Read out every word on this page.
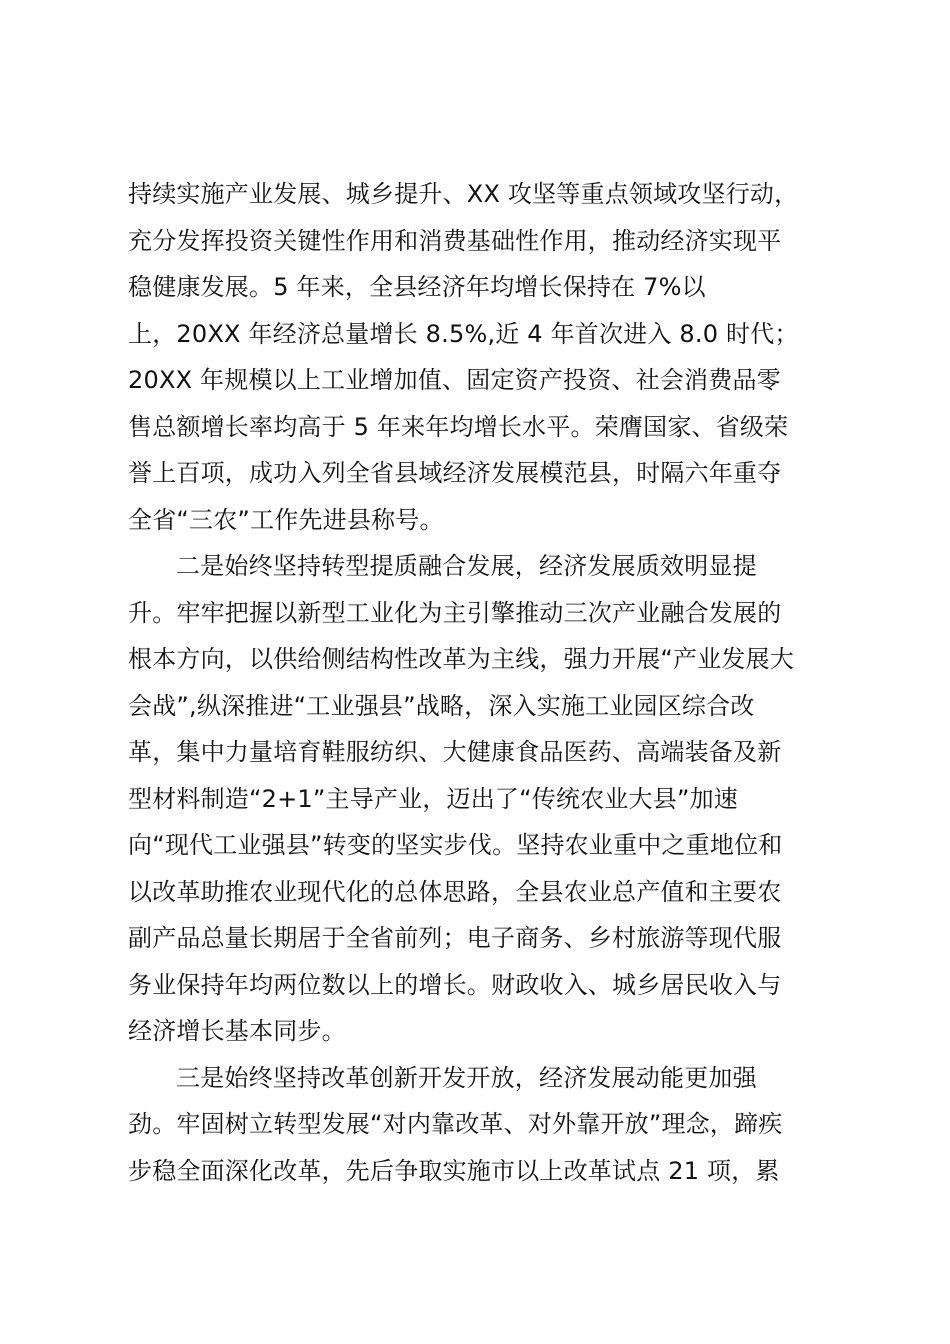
持续实施产业发展、城乡提升、XX 攻坚等重点领域攻坚行动，

充分发挥投资关键性作用和消费基础性作用，推动经济实现平

稳健康发展。5 年来，全县经济年均增长保持在 7%以

上，20XX 年经济总量增长 8.5%,近 4 年首次进入 8.0 时代；

20XX 年规模以上工业增加值、固定资产投资、社会消费品零

售总额增长率均高于 5 年来年均增长水平。荣膺国家、省级荣

誉上百项，成功入列全省县域经济发展模范县，时隔六年重夺

全省“三农”工作先进县称号。

二是始终坚持转型提质融合发展，经济发展质效明显提

升。牢牢把握以新型工业化为主引擎推动三次产业融合发展的

根本方向，以供给侧结构性改革为主线，强力开展“产业发展大

会战”,纵深推进“工业强县”战略，深入实施工业园区综合改

革，集中力量培育鞋服纺织、大健康食品医药、高端装备及新

型材料制造“2+1”主导产业，迈出了“传统农业大县”加速

向“现代工业强县”转变的坚实步伐。坚持农业重中之重地位和

以改革助推农业现代化的总体思路，全县农业总产值和主要农

副产品总量长期居于全省前列；电子商务、乡村旅游等现代服

务业保持年均两位数以上的增长。财政收入、城乡居民收入与

经济增长基本同步。

三是始终坚持改革创新开发开放，经济发展动能更加强

劲。牢固树立转型发展“对内靠改革、对外靠开放”理念，蹄疾

步稳全面深化改革，先后争取实施市以上改革试点 21 项，累
